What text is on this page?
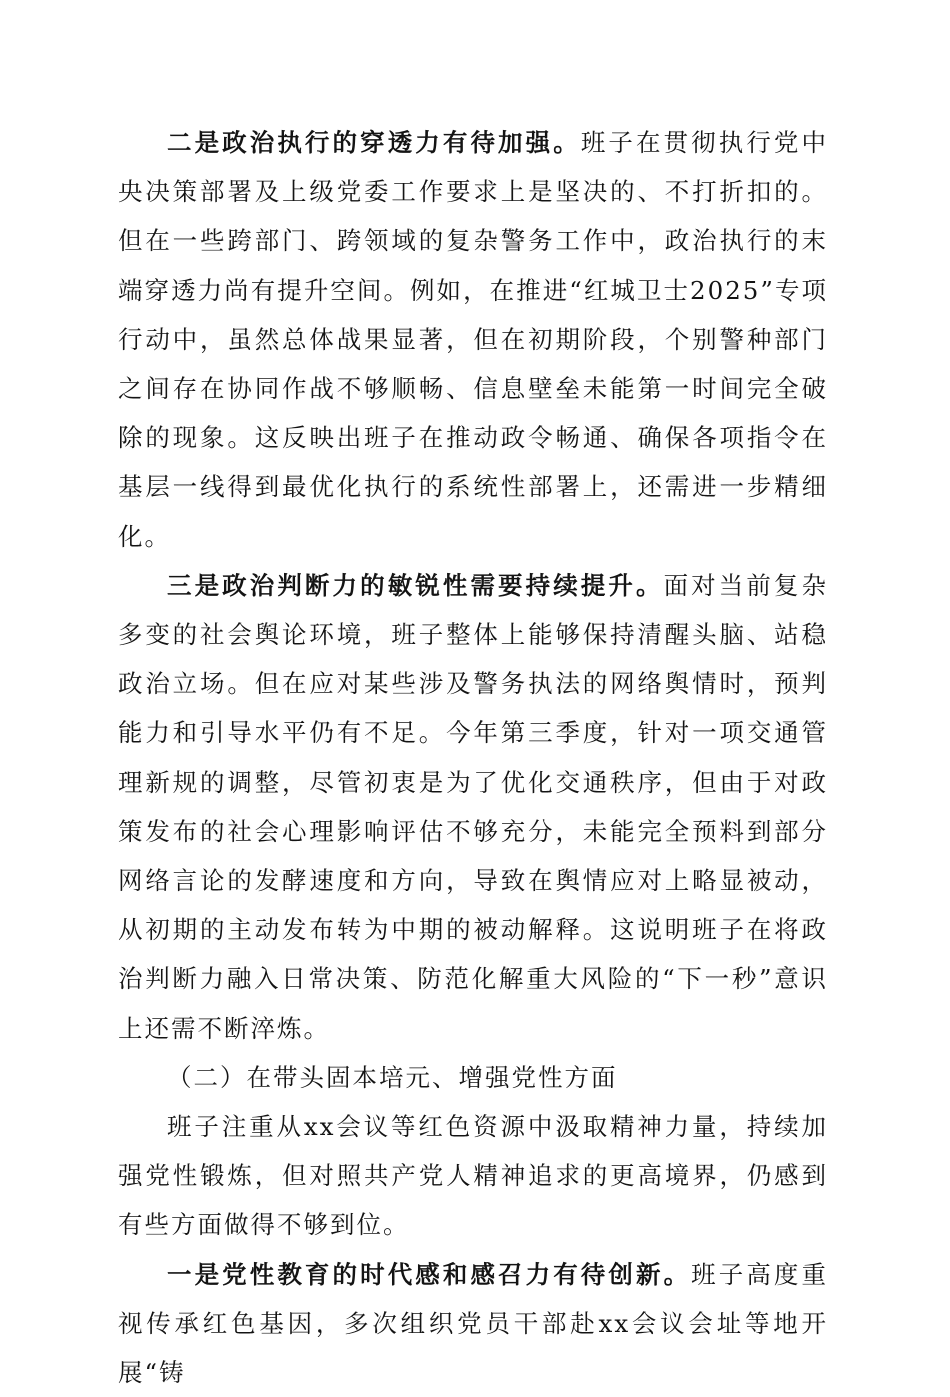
二是政治执行的穿透力有待加强。班子在贯彻执行党中央决策部署及上级党委工作要求上是坚决的、不打折扣的。但在一些跨部门、跨领域的复杂警务工作中，政治执行的末端穿透力尚有提升空间。例如，在推进“红城卫士2025”专项行动中，虽然总体战果显著，但在初期阶段，个别警种部门之间存在协同作战不够顺畅、信息壁垒未能第一时间完全破除的现象。这反映出班子在推动政令畅通、确保各项指令在基层一线得到最优化执行的系统性部署上，还需进一步精细化。

三是政治判断力的敏锐性需要持续提升。面对当前复杂多变的社会舆论环境，班子整体上能够保持清醒头脑、站稳政治立场。但在应对某些涉及警务执法的网络舆情时，预判能力和引导水平仍有不足。今年第三季度，针对一项交通管理新规的调整，尽管初衷是为了优化交通秩序，但由于对政策发布的社会心理影响评估不够充分，未能完全预料到部分网络言论的发酵速度和方向，导致在舆情应对上略显被动，从初期的主动发布转为中期的被动解释。这说明班子在将政治判断力融入日常决策、防范化解重大风险的“下一秒”意识上还需不断淬炼。

（二）在带头固本培元、增强党性方面

班子注重从xx会议等红色资源中汲取精神力量，持续加强党性锻炼，但对照共产党人精神追求的更高境界，仍感到有些方面做得不够到位。

一是党性教育的时代感和感召力有待创新。班子高度重视传承红色基因，多次组织党员干部赴xx会议会址等地开展“铸
